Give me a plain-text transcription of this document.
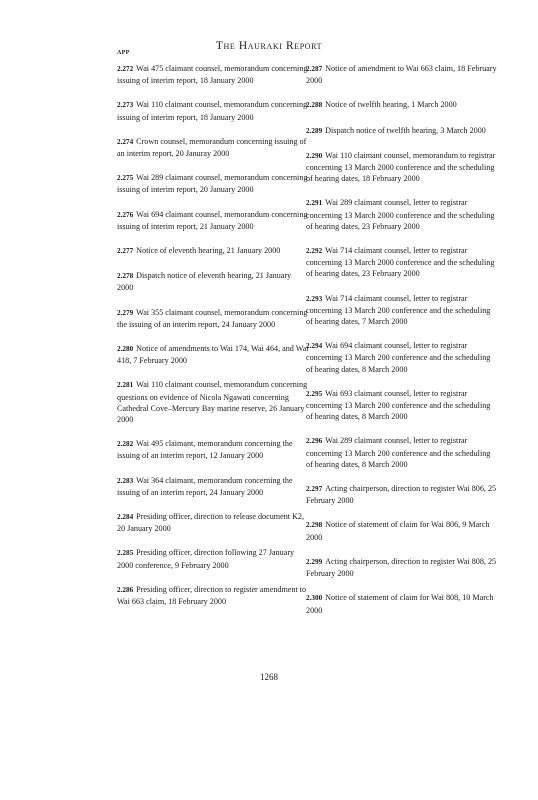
The Hauraki Report
APP

2.272 Wai 475 claimant counsel, memorandum concerning issuing of interim report, 18 January 2000

2.273 Wai 110 claimant counsel, memorandum concerning issuing of interim report, 18 January 2000

2.274 Crown counsel, memorandum concerning issuing of an interim report, 20 Januray 2000

2.275 Wai 289 claimant counsel, memorandum concerning issuing of interim report, 20 January 2000

2.276 Wai 694 claimant counsel, memorandum concerning issuing of interim report, 21 January 2000

2.277 Notice of eleventh hearing, 21 January 2000

2.278 Dispatch notice of eleventh hearing, 21 January 2000

2.279 Wai 355 claimant counsel, memorandum concerning the issuing of an interim report, 24 January 2000

2.280 Notice of amendments to Wai 174, Wai 464, and Wai 418, 7 February 2000

2.281 Wai 110 claimant counsel, memorandum concerning questions on evidence of Nicola Ngawati concerning Cathedral Cove–Mercury Bay marine reserve, 26 January 2000

2.282 Wai 495 claimant, memorandum concerning the issuing of an interim report, 12 January 2000

2.283 Wai 364 claimant, memorandum concerning the issuing of an interim report, 24 January 2000

2.284 Presiding officer, direction to release document K2, 20 January 2000

2.285 Presiding officer, direction following 27 January 2000 conference, 9 February 2000

2.286 Presiding officer, direction to register amendment to Wai 663 claim, 18 February 2000

2.287 Notice of amendment to Wai 663 claim, 18 February 2000

2.288 Notice of twelfth hearing, 1 March 2000

2.289 Dispatch notice of twelfth hearing, 3 March 2000

2.290 Wai 110 claimant counsel, memorandum to registrar concerning 13 March 2000 conference and the scheduling of hearing dates, 18 February 2000

2.291 Wai 289 claimant counsel, letter to registrar concerning 13 March 2000 conference and the scheduling of hearing dates, 23 February 2000

2.292 Wai 714 claimant counsel, letter to registrar concerning 13 March 2000 conference and the scheduling of hearing dates, 23 February 2000

2.293 Wai 714 claimant counsel, letter to registrar concerning 13 March 200 conference and the scheduling of hearing dates, 7 March 2000

2.294 Wai 694 claimant counsel, letter to registrar concerning 13 March 200 conference and the scheduling of hearing dates, 8 March 2000

2.295 Wai 693 claimant counsel, letter to registrar concerning 13 March 200 conference and the scheduling of hearing dates, 8 March 2000

2.296 Wai 289 claimant counsel, letter to registrar concerning 13 March 200 conference and the scheduling of hearing dates, 8 March 2000

2.297 Acting chairperson, direction to register Wai 806, 25 February 2000

2.298 Notice of statement of claim for Wai 806, 9 March 2000

2.299 Acting chairperson, direction to register Wai 808, 25 February 2000

2.300 Notice of statement of claim for Wai 808, 10 March 2000

1268
